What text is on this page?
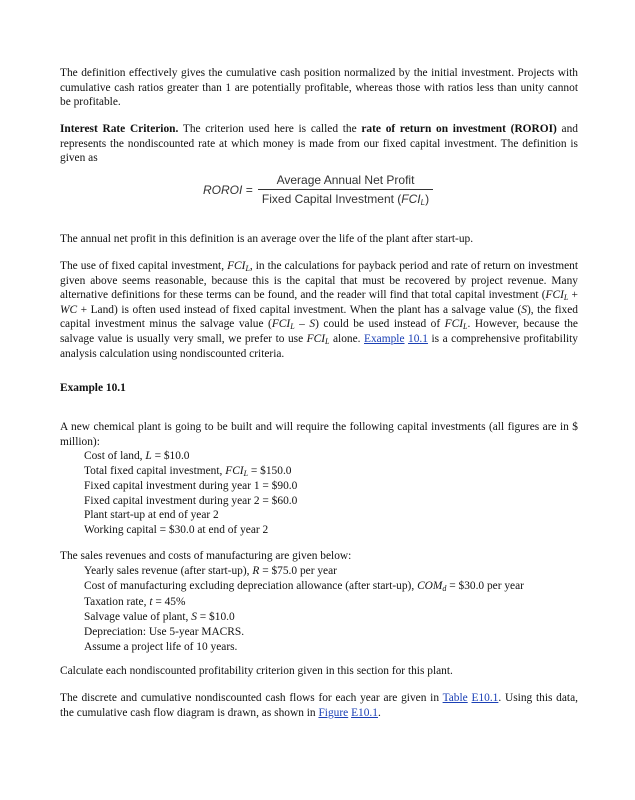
The definition effectively gives the cumulative cash position normalized by the initial investment. Projects with cumulative cash ratios greater than 1 are potentially profitable, whereas those with ratios less than unity cannot be profitable.
Interest Rate Criterion. The criterion used here is called the rate of return on investment (ROROI) and represents the nondiscounted rate at which money is made from our fixed capital investment. The definition is given as
ROROI =
Average Annual Net Profit
Fixed Capital Investment $(FCI_L)$
The annual net profit in this definition is an average over the life of the plant after start-up.
The use of fixed capital investment, $FCI_L$, in the calculations for payback period and rate of return on investment given above seems reasonable, because this is the capital that must be recovered by project revenue. Many alternative definitions for these terms can be found, and the reader will find that total capital investment ($FCI_L$ + WC + Land) is often used instead of fixed capital investment. When the plant has a salvage value (S), the fixed capital investment minus the salvage value $(FCI_L - S)$ could be used instead of $FCI_L$. However, because the salvage value is usually very small, we prefer to use $FCI_L$ alone. Example 10.1 is a comprehensive profitability analysis calculation using nondiscounted criteria.
Example 10.1
A new chemical plant is going to be built and will require the following capital investments (all figures are in $ million):
Cost of land, L = $10.0
Total fixed capital investment, $FCI_L$ = $150.0
Fixed capital investment during year 1 = $90.0
Fixed capital investment during year 2 = $60.0
Plant start-up at end of year 2
Working capital = $30.0 at end of year 2
The sales revenues and costs of manufacturing are given below:
Yearly sales revenue (after start-up), R = $75.0 per year
Cost of manufacturing excluding depreciation allowance (after start-up), $COM_d$ = $30.0 per year
Taxation rate, t = 45%
Salvage value of plant, S = $10.0
Depreciation: Use 5-year MACRS.
Assume a project life of 10 years.
Calculate each nondiscounted profitability criterion given in this section for this plant.
The discrete and cumulative nondiscounted cash flows for each year are given in Table E10.1. Using this data, the cumulative cash flow diagram is drawn, as shown in Figure E10.1.
